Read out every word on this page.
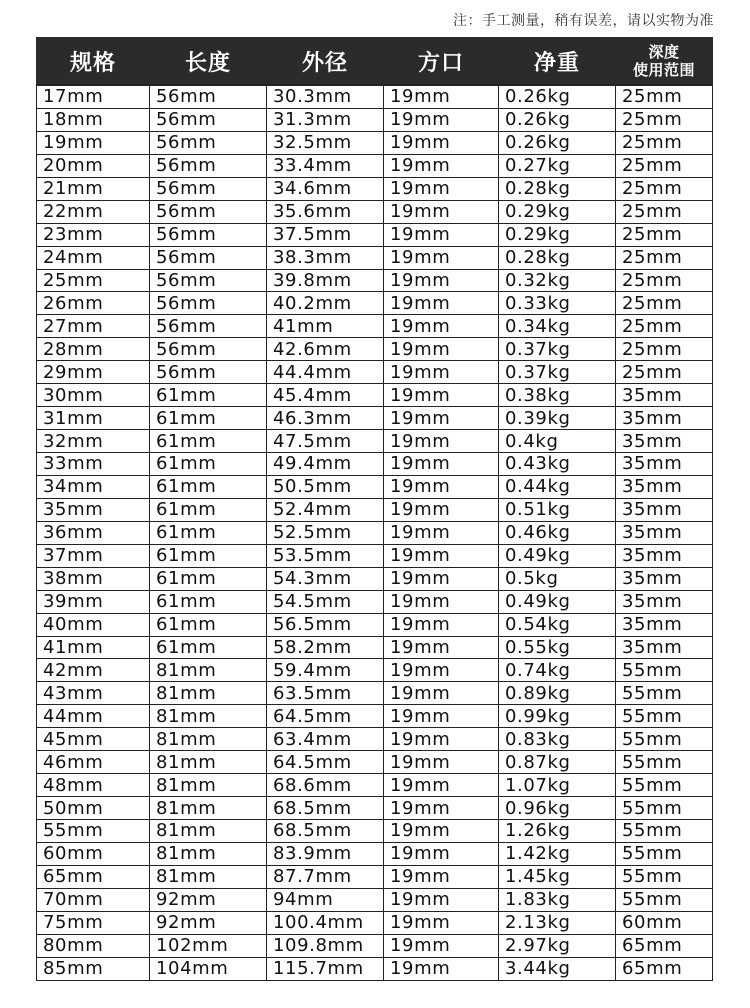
注：手工测量，稍有误差，请以实物为准
规格	长度	外径	方口	净重	深度
使用范围

17mm	56mm	30.3mm	19mm	0.26kg	25mm
18mm	56mm	31.3mm	19mm	0.26kg	25mm
19mm	56mm	32.5mm	19mm	0.26kg	25mm
20mm	56mm	33.4mm	19mm	0.27kg	25mm
21mm	56mm	34.6mm	19mm	0.28kg	25mm
22mm	56mm	35.6mm	19mm	0.29kg	25mm
23mm	56mm	37.5mm	19mm	0.29kg	25mm
24mm	56mm	38.3mm	19mm	0.28kg	25mm
25mm	56mm	39.8mm	19mm	0.32kg	25mm
26mm	56mm	40.2mm	19mm	0.33kg	25mm
27mm	56mm	41mm	19mm	0.34kg	25mm
28mm	56mm	42.6mm	19mm	0.37kg	25mm
29mm	56mm	44.4mm	19mm	0.37kg	25mm
30mm	61mm	45.4mm	19mm	0.38kg	35mm
31mm	61mm	46.3mm	19mm	0.39kg	35mm
32mm	61mm	47.5mm	19mm	0.4kg	35mm
33mm	61mm	49.4mm	19mm	0.43kg	35mm
34mm	61mm	50.5mm	19mm	0.44kg	35mm
35mm	61mm	52.4mm	19mm	0.51kg	35mm
36mm	61mm	52.5mm	19mm	0.46kg	35mm
37mm	61mm	53.5mm	19mm	0.49kg	35mm
38mm	61mm	54.3mm	19mm	0.5kg	35mm
39mm	61mm	54.5mm	19mm	0.49kg	35mm
40mm	61mm	56.5mm	19mm	0.54kg	35mm
41mm	61mm	58.2mm	19mm	0.55kg	35mm
42mm	81mm	59.4mm	19mm	0.74kg	55mm
43mm	81mm	63.5mm	19mm	0.89kg	55mm
44mm	81mm	64.5mm	19mm	0.99kg	55mm
45mm	81mm	63.4mm	19mm	0.83kg	55mm
46mm	81mm	64.5mm	19mm	0.87kg	55mm
48mm	81mm	68.6mm	19mm	1.07kg	55mm
50mm	81mm	68.5mm	19mm	0.96kg	55mm
55mm	81mm	68.5mm	19mm	1.26kg	55mm
60mm	81mm	83.9mm	19mm	1.42kg	55mm
65mm	81mm	87.7mm	19mm	1.45kg	55mm
70mm	92mm	94mm	19mm	1.83kg	55mm
75mm	92mm	100.4mm	19mm	2.13kg	60mm
80mm	102mm	109.8mm	19mm	2.97kg	65mm
85mm	104mm	115.7mm	19mm	3.44kg	65mm
